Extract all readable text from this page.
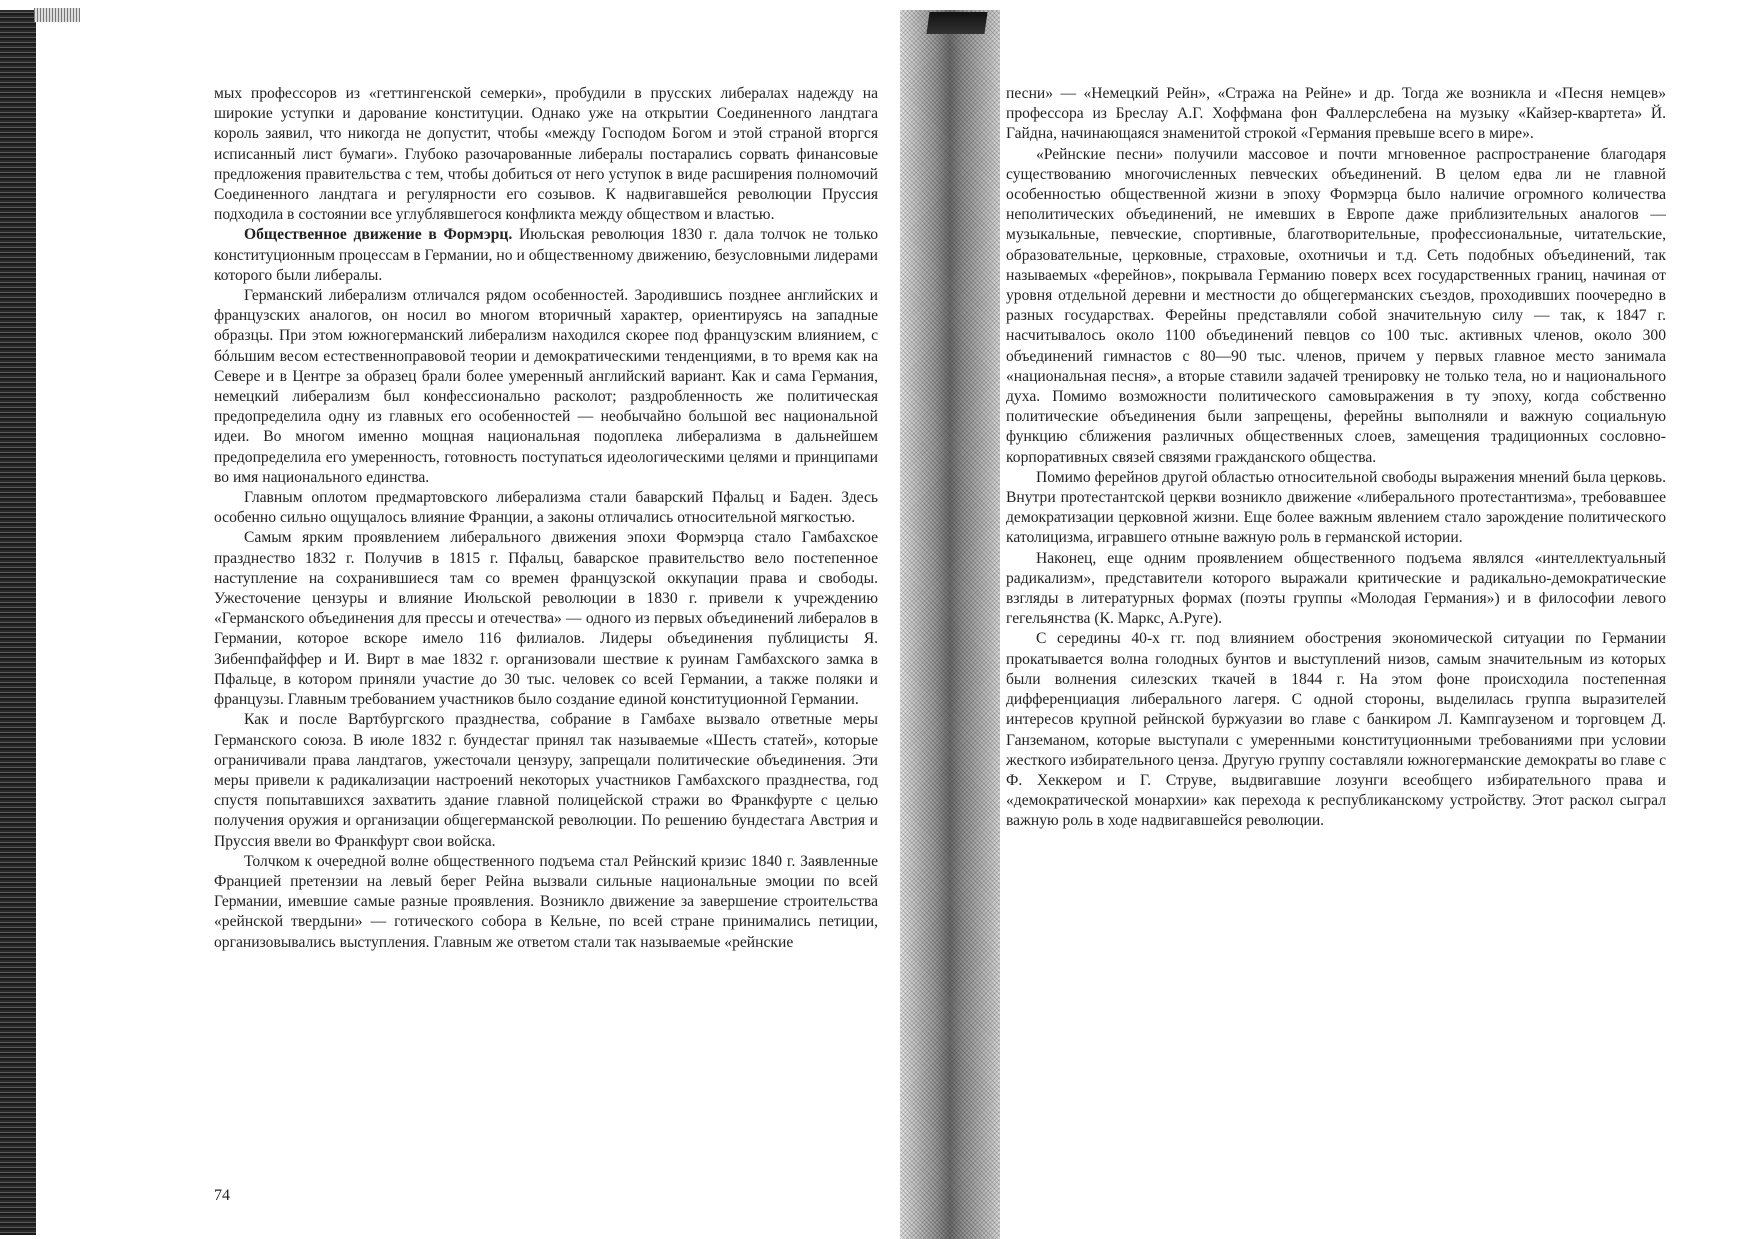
мых профессоров из «геттингенской семерки», пробудили в прусских либералах надежду на широкие уступки и дарование конституции. Однако уже на открытии Соединенного ландтага король заявил, что никогда не допустит, чтобы «между Господом Богом и этой страной вторгся исписанный лист бумаги». Глубоко разочарованные либералы постарались сорвать финансовые предложения правительства с тем, чтобы добиться от него уступок в виде расширения полномочий Соединенного ландтага и регулярности его созывов. К надвигавшейся революции Пруссия подходила в состоянии все углублявшегося конфликта между обществом и властью.

Общественное движение в Формэрц. Июльская революция 1830 г. дала толчок не только конституционным процессам в Германии, но и общественному движению, безусловными лидерами которого были либералы.

Германский либерализм отличался рядом особенностей. Зародившись позднее английских и французских аналогов, он носил во многом вторичный характер, ориентируясь на западные образцы. При этом южногерманский либерализм находился скорее под французским влиянием, с бóльшим весом естественноправовой теории и демократическими тенденциями, в то время как на Севере и в Центре за образец брали более умеренный английский вариант. Как и сама Германия, немецкий либерализм был конфессионально расколот; раздробленность же политическая предопределила одну из главных его особенностей — необычайно большой вес национальной идеи. Во многом именно мощная национальная подоплека либерализма в дальнейшем предопределила его умеренность, готовность поступаться идеологическими целями и принципами во имя национального единства.

Главным оплотом предмартовского либерализма стали баварский Пфальц и Баден. Здесь особенно сильно ощущалось влияние Франции, а законы отличались относительной мягкостью.

Самым ярким проявлением либерального движения эпохи Формэрца стало Гамбахское празднество 1832 г. Получив в 1815 г. Пфальц, баварское правительство вело постепенное наступление на сохранившиеся там со времен французской оккупации права и свободы. Ужесточение цензуры и влияние Июльской революции в 1830 г. привели к учреждению «Германского объединения для прессы и отечества» — одного из первых объединений либералов в Германии, которое вскоре имело 116 филиалов. Лидеры объединения публицисты Я. Зибенпфайффер и И. Вирт в мае 1832 г. организовали шествие к руинам Гамбахского замка в Пфальце, в котором приняли участие до 30 тыс. человек со всей Германии, а также поляки и французы. Главным требованием участников было создание единой конституционной Германии.

Как и после Вартбургского празднества, собрание в Гамбахе вызвало ответные меры Германского союза. В июле 1832 г. бундестаг принял так называемые «Шесть статей», которые ограничивали права ландтагов, ужесточали цензуру, запрещали политические объединения. Эти меры привели к радикализации настроений некоторых участников Гамбахского празднества, год спустя попытавшихся захватить здание главной полицейской стражи во Франкфурте с целью получения оружия и организации общегерманской революции. По решению бундестага Австрия и Пруссия ввели во Франкфурт свои войска.

Толчком к очередной волне общественного подъема стал Рейнский кризис 1840 г. Заявленные Францией претензии на левый берег Рейна вызвали сильные национальные эмоции по всей Германии, имевшие самые разные проявления. Возникло движение за завершение строительства «рейнской твердыни» — готического собора в Кельне, по всей стране принимались петиции, организовывались выступления. Главным же ответом стали так называемые «рейнские

74

песни» — «Немецкий Рейн», «Стража на Рейне» и др. Тогда же возникла и «Песня немцев» профессора из Бреслау А.Г. Хоффмана фон Фаллерслебена на музыку «Кайзер-квартета» Й. Гайдна, начинающаяся знаменитой строкой «Германия превыше всего в мире».

«Рейнские песни» получили массовое и почти мгновенное распространение благодаря существованию многочисленных певческих объединений. В целом едва ли не главной особенностью общественной жизни в эпоху Формэрца было наличие огромного количества неполитических объединений, не имевших в Европе даже приблизительных аналогов — музыкальные, певческие, спортивные, благотворительные, профессиональные, читательские, образовательные, церковные, страховые, охотничьи и т.д. Сеть подобных объединений, так называемых «ферейнов», покрывала Германию поверх всех государственных границ, начиная от уровня отдельной деревни и местности до общегерманских съездов, проходивших поочередно в разных государствах. Ферейны представляли собой значительную силу — так, к 1847 г. насчитывалось около 1100 объединений певцов со 100 тыс. активных членов, около 300 объединений гимнастов с 80—90 тыс. членов, причем у первых главное место занимала «национальная песня», а вторые ставили задачей тренировку не только тела, но и национального духа. Помимо возможности политического самовыражения в ту эпоху, когда собственно политические объединения были запрещены, ферейны выполняли и важную социальную функцию сближения различных общественных слоев, замещения традиционных сословно-корпоративных связей связями гражданского общества.

Помимо ферейнов другой областью относительной свободы выражения мнений была церковь. Внутри протестантской церкви возникло движение «либерального протестантизма», требовавшее демократизации церковной жизни. Еще более важным явлением стало зарождение политического католицизма, игравшего отныне важную роль в германской истории.

Наконец, еще одним проявлением общественного подъема являлся «интеллектуальный радикализм», представители которого выражали критические и радикально-демократические взгляды в литературных формах (поэты группы «Молодая Германия») и в философии левого гегельянства (К. Маркс, А.Руге).

С середины 40-х гг. под влиянием обострения экономической ситуации по Германии прокатывается волна голодных бунтов и выступлений низов, самым значительным из которых были волнения силезских ткачей в 1844 г. На этом фоне происходила постепенная дифференциация либерального лагеря. С одной стороны, выделилась группа выразителей интересов крупной рейнской буржуазии во главе с банкиром Л. Кампгаузеном и торговцем Д. Ганземаном, которые выступали с умеренными конституционными требованиями при условии жесткого избирательного ценза. Другую группу составляли южногерманские демократы во главе с Ф. Хеккером и Г. Струве, выдвигавшие лозунги всеобщего избирательного права и «демократической монархии» как перехода к республиканскому устройству. Этот раскол сыграл важную роль в ходе надвигавшейся революции.
